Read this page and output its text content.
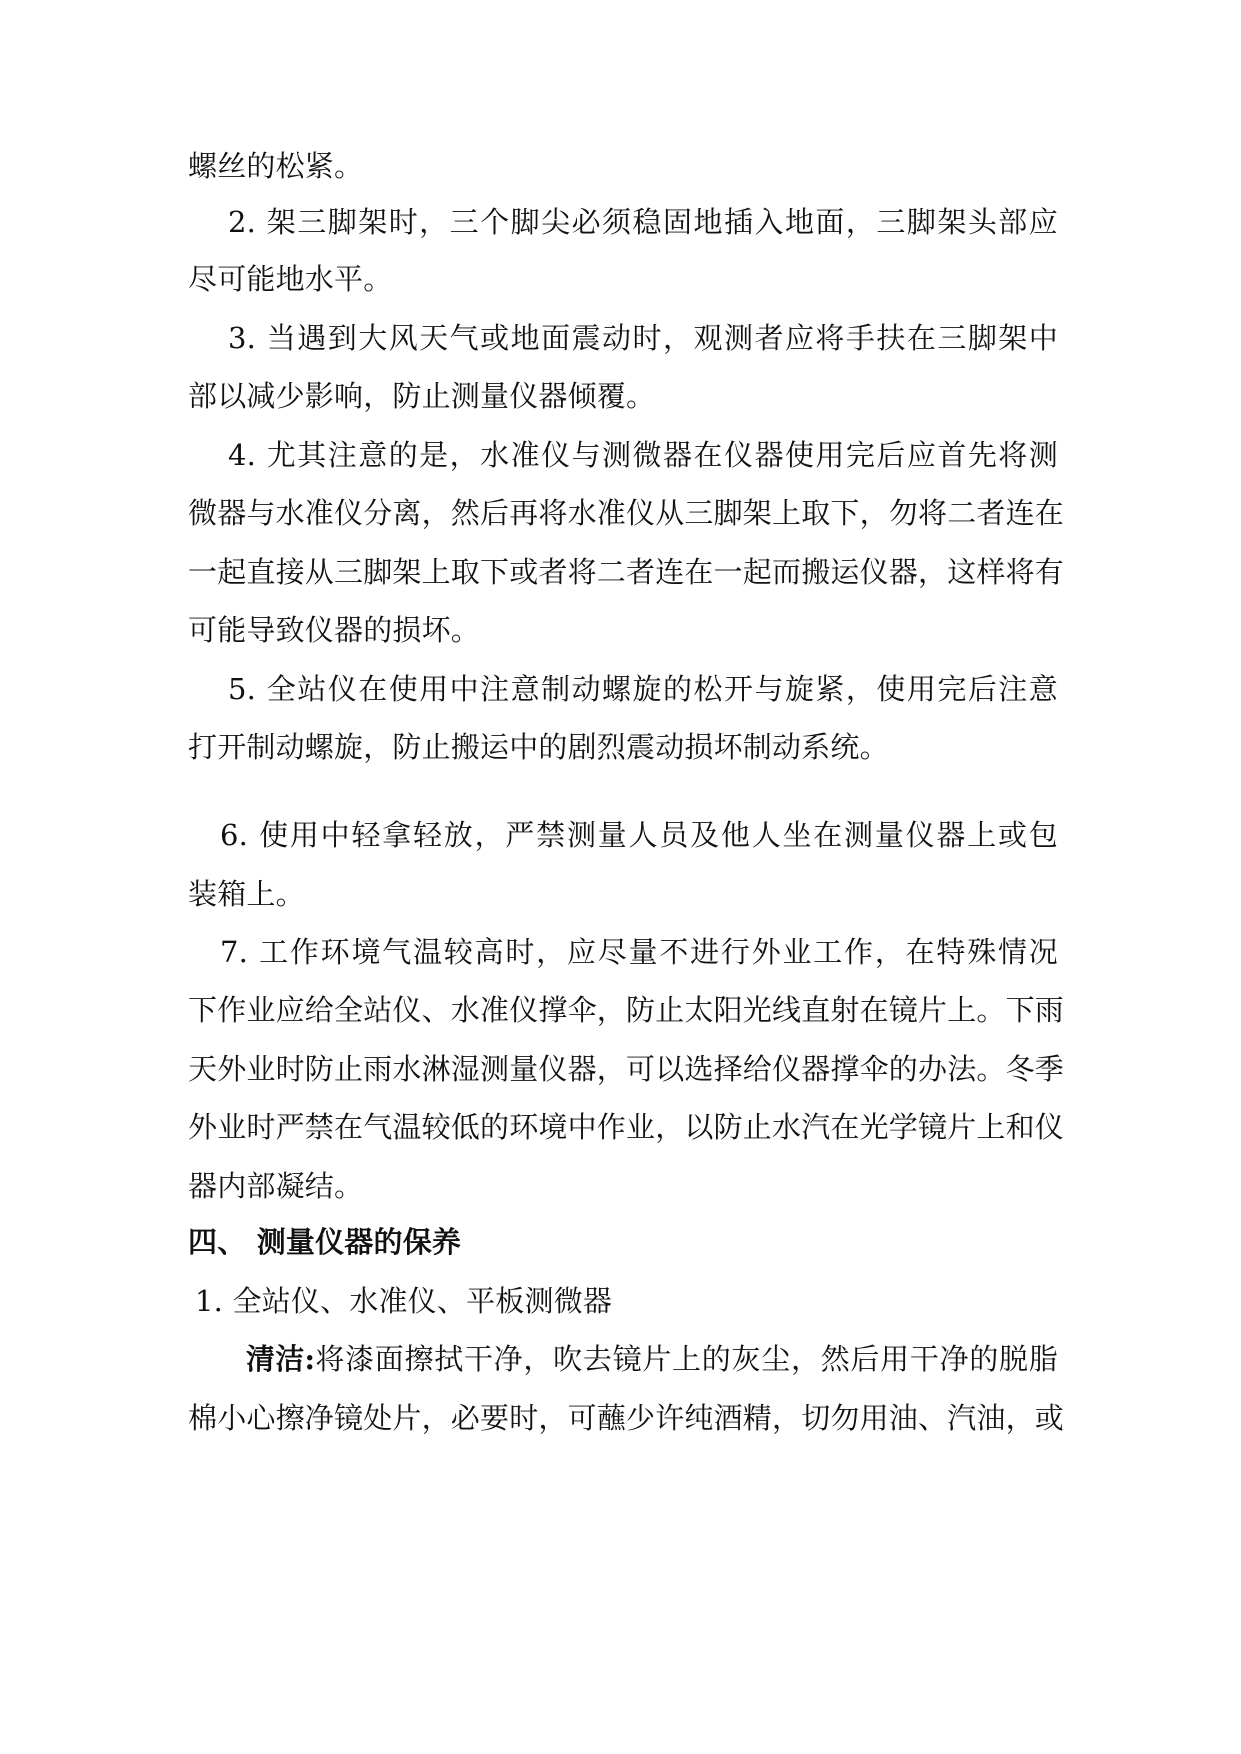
螺丝的松紧。
2. 架三脚架时，三个脚尖必须稳固地插入地面，三脚架头部应
尽可能地水平。
3. 当遇到大风天气或地面震动时，观测者应将手扶在三脚架中
部以减少影响，防止测量仪器倾覆。
4. 尤其注意的是，水准仪与测微器在仪器使用完后应首先将测
微器与水准仪分离，然后再将水准仪从三脚架上取下，勿将二者连在
一起直接从三脚架上取下或者将二者连在一起而搬运仪器，这样将有
可能导致仪器的损坏。
5. 全站仪在使用中注意制动螺旋的松开与旋紧，使用完后注意
打开制动螺旋，防止搬运中的剧烈震动损坏制动系统。
6. 使用中轻拿轻放，严禁测量人员及他人坐在测量仪器上或包
装箱上。
7. 工作环境气温较高时，应尽量不进行外业工作，在特殊情况
下作业应给全站仪、水准仪撑伞，防止太阳光线直射在镜片上。下雨
天外业时防止雨水淋湿测量仪器，可以选择给仪器撑伞的办法。冬季
外业时严禁在气温较低的环境中作业，以防止水汽在光学镜片上和仪
器内部凝结。
四、 测量仪器的保养
1. 全站仪、水准仪、平板测微器
清洁: 将漆面擦拭干净，吹去镜片上的灰尘，然后用干净的脱脂
棉小心擦净镜处片，必要时，可蘸少许纯酒精，切勿用油、汽油，或
